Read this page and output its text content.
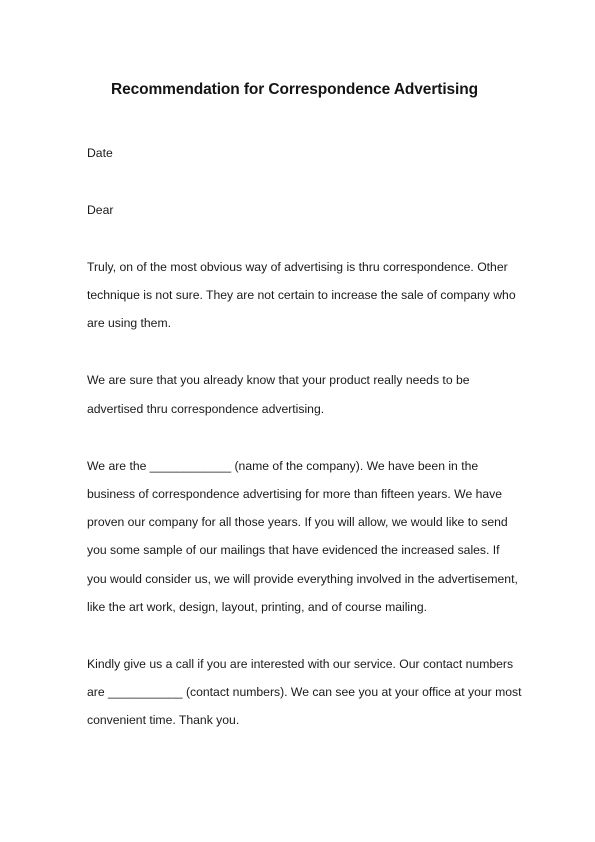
Recommendation for Correspondence Advertising
Date
Dear
Truly, on of the most obvious way of advertising is thru correspondence. Other
technique is not sure. They are not certain to increase the sale of company who
are using them.
We are sure that you already know that your product really needs to be
advertised thru correspondence advertising.
We are the ____________ (name of the company). We have been in the
business of correspondence advertising for more than fifteen years. We have
proven our company for all those years. If you will allow, we would like to send
you some sample of our mailings that have evidenced the increased sales. If
you would consider us, we will provide everything involved in the advertisement,
like the art work, design, layout, printing, and of course mailing.
Kindly give us a call if you are interested with our service. Our contact numbers
are ___________ (contact numbers). We can see you at your office at your most
convenient time. Thank you.
